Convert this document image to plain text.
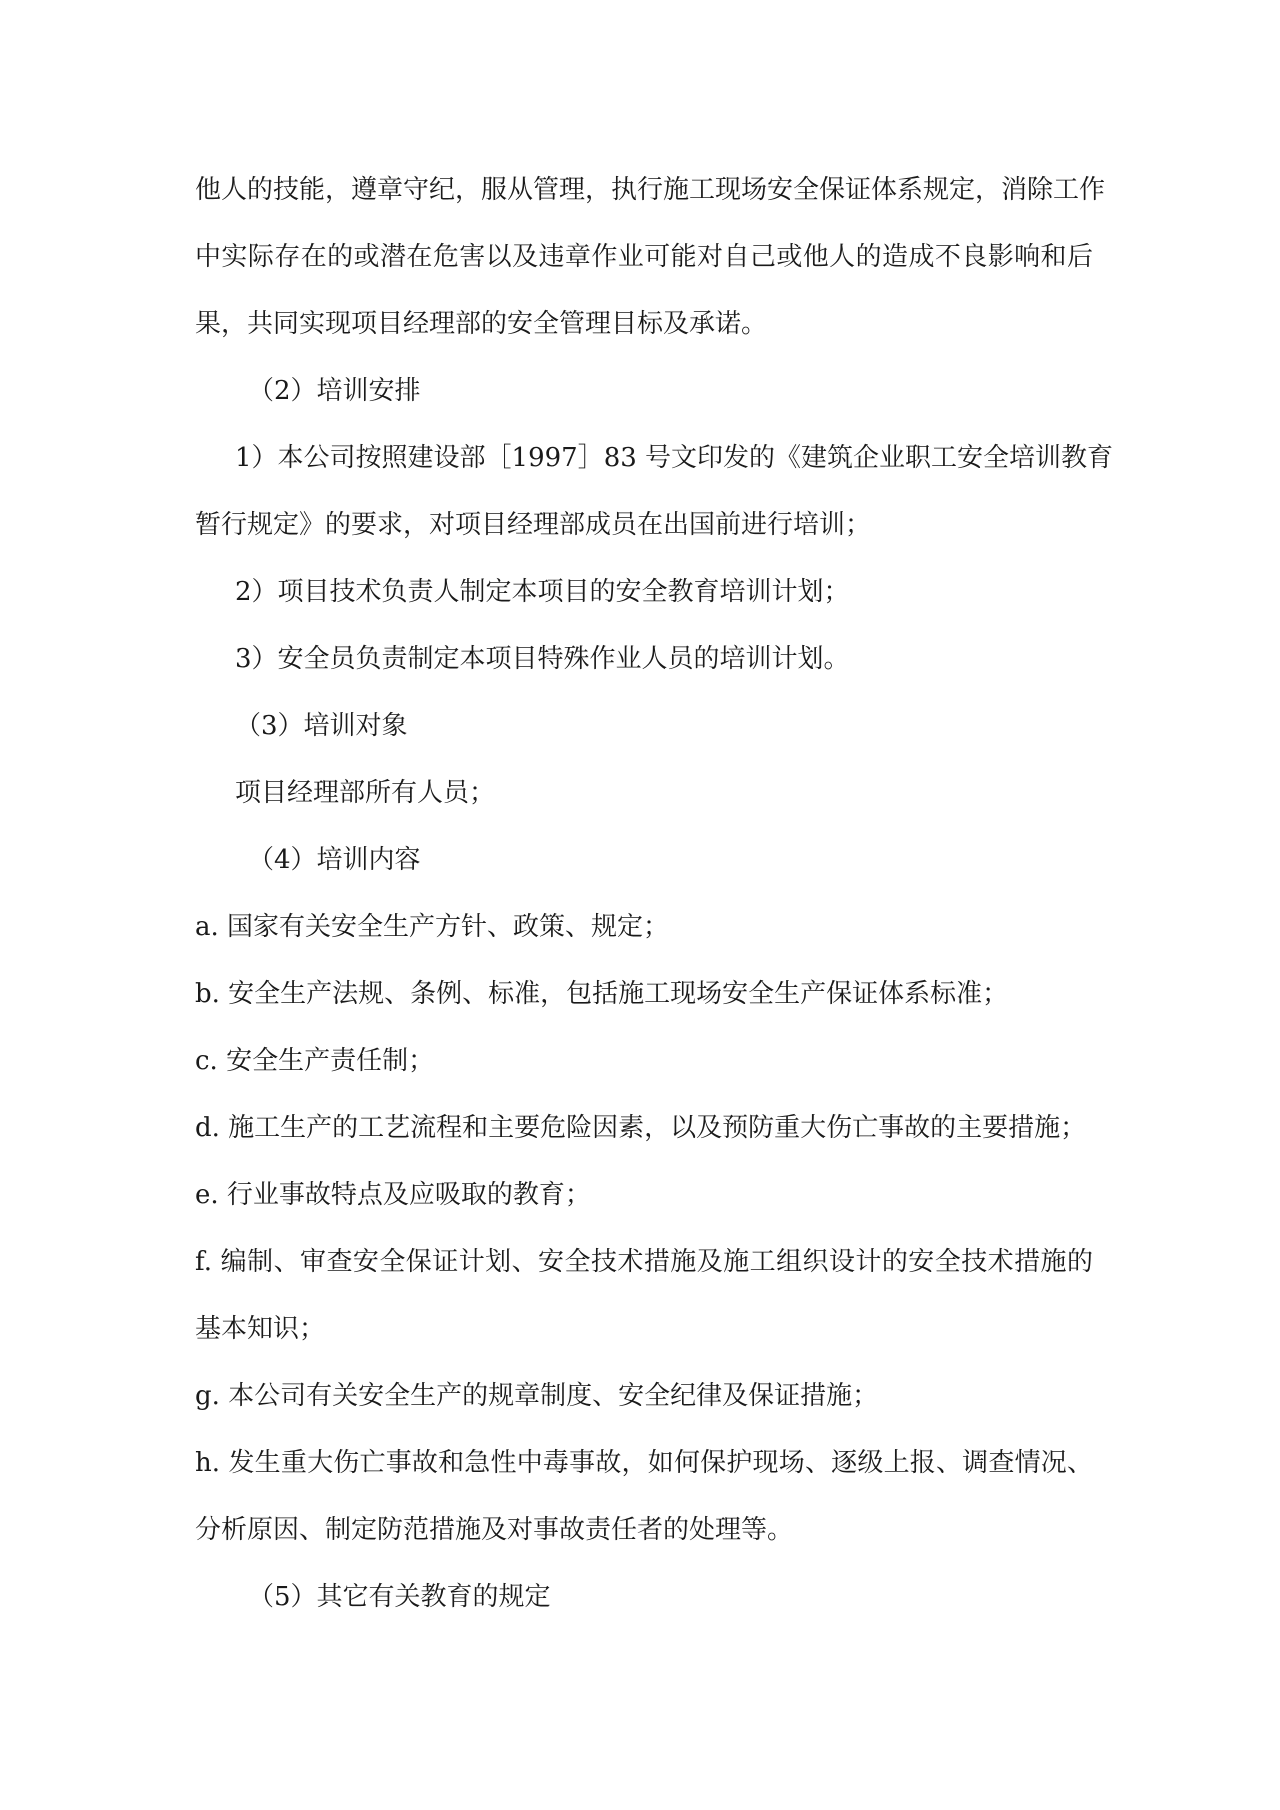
他人的技能，遵章守纪，服从管理，执行施工现场安全保证体系规定，消除工作
中实际存在的或潜在危害以及违章作业可能对自己或他人的造成不良影响和后
果，共同实现项目经理部的安全管理目标及承诺。
（2）培训安排
1）本公司按照建设部［1997］83 号文印发的《建筑企业职工安全培训教育
暂行规定》的要求，对项目经理部成员在出国前进行培训；
2）项目技术负责人制定本项目的安全教育培训计划；
3）安全员负责制定本项目特殊作业人员的培训计划。
（3）培训对象
项目经理部所有人员；
（4）培训内容
a. 国家有关安全生产方针、政策、规定；
b. 安全生产法规、条例、标准，包括施工现场安全生产保证体系标准；
c. 安全生产责任制；
d. 施工生产的工艺流程和主要危险因素，以及预防重大伤亡事故的主要措施；
e. 行业事故特点及应吸取的教育；
f. 编制、审查安全保证计划、安全技术措施及施工组织设计的安全技术措施的
基本知识；
g. 本公司有关安全生产的规章制度、安全纪律及保证措施；
h. 发生重大伤亡事故和急性中毒事故，如何保护现场、逐级上报、调查情况、
分析原因、制定防范措施及对事故责任者的处理等。
（5）其它有关教育的规定
